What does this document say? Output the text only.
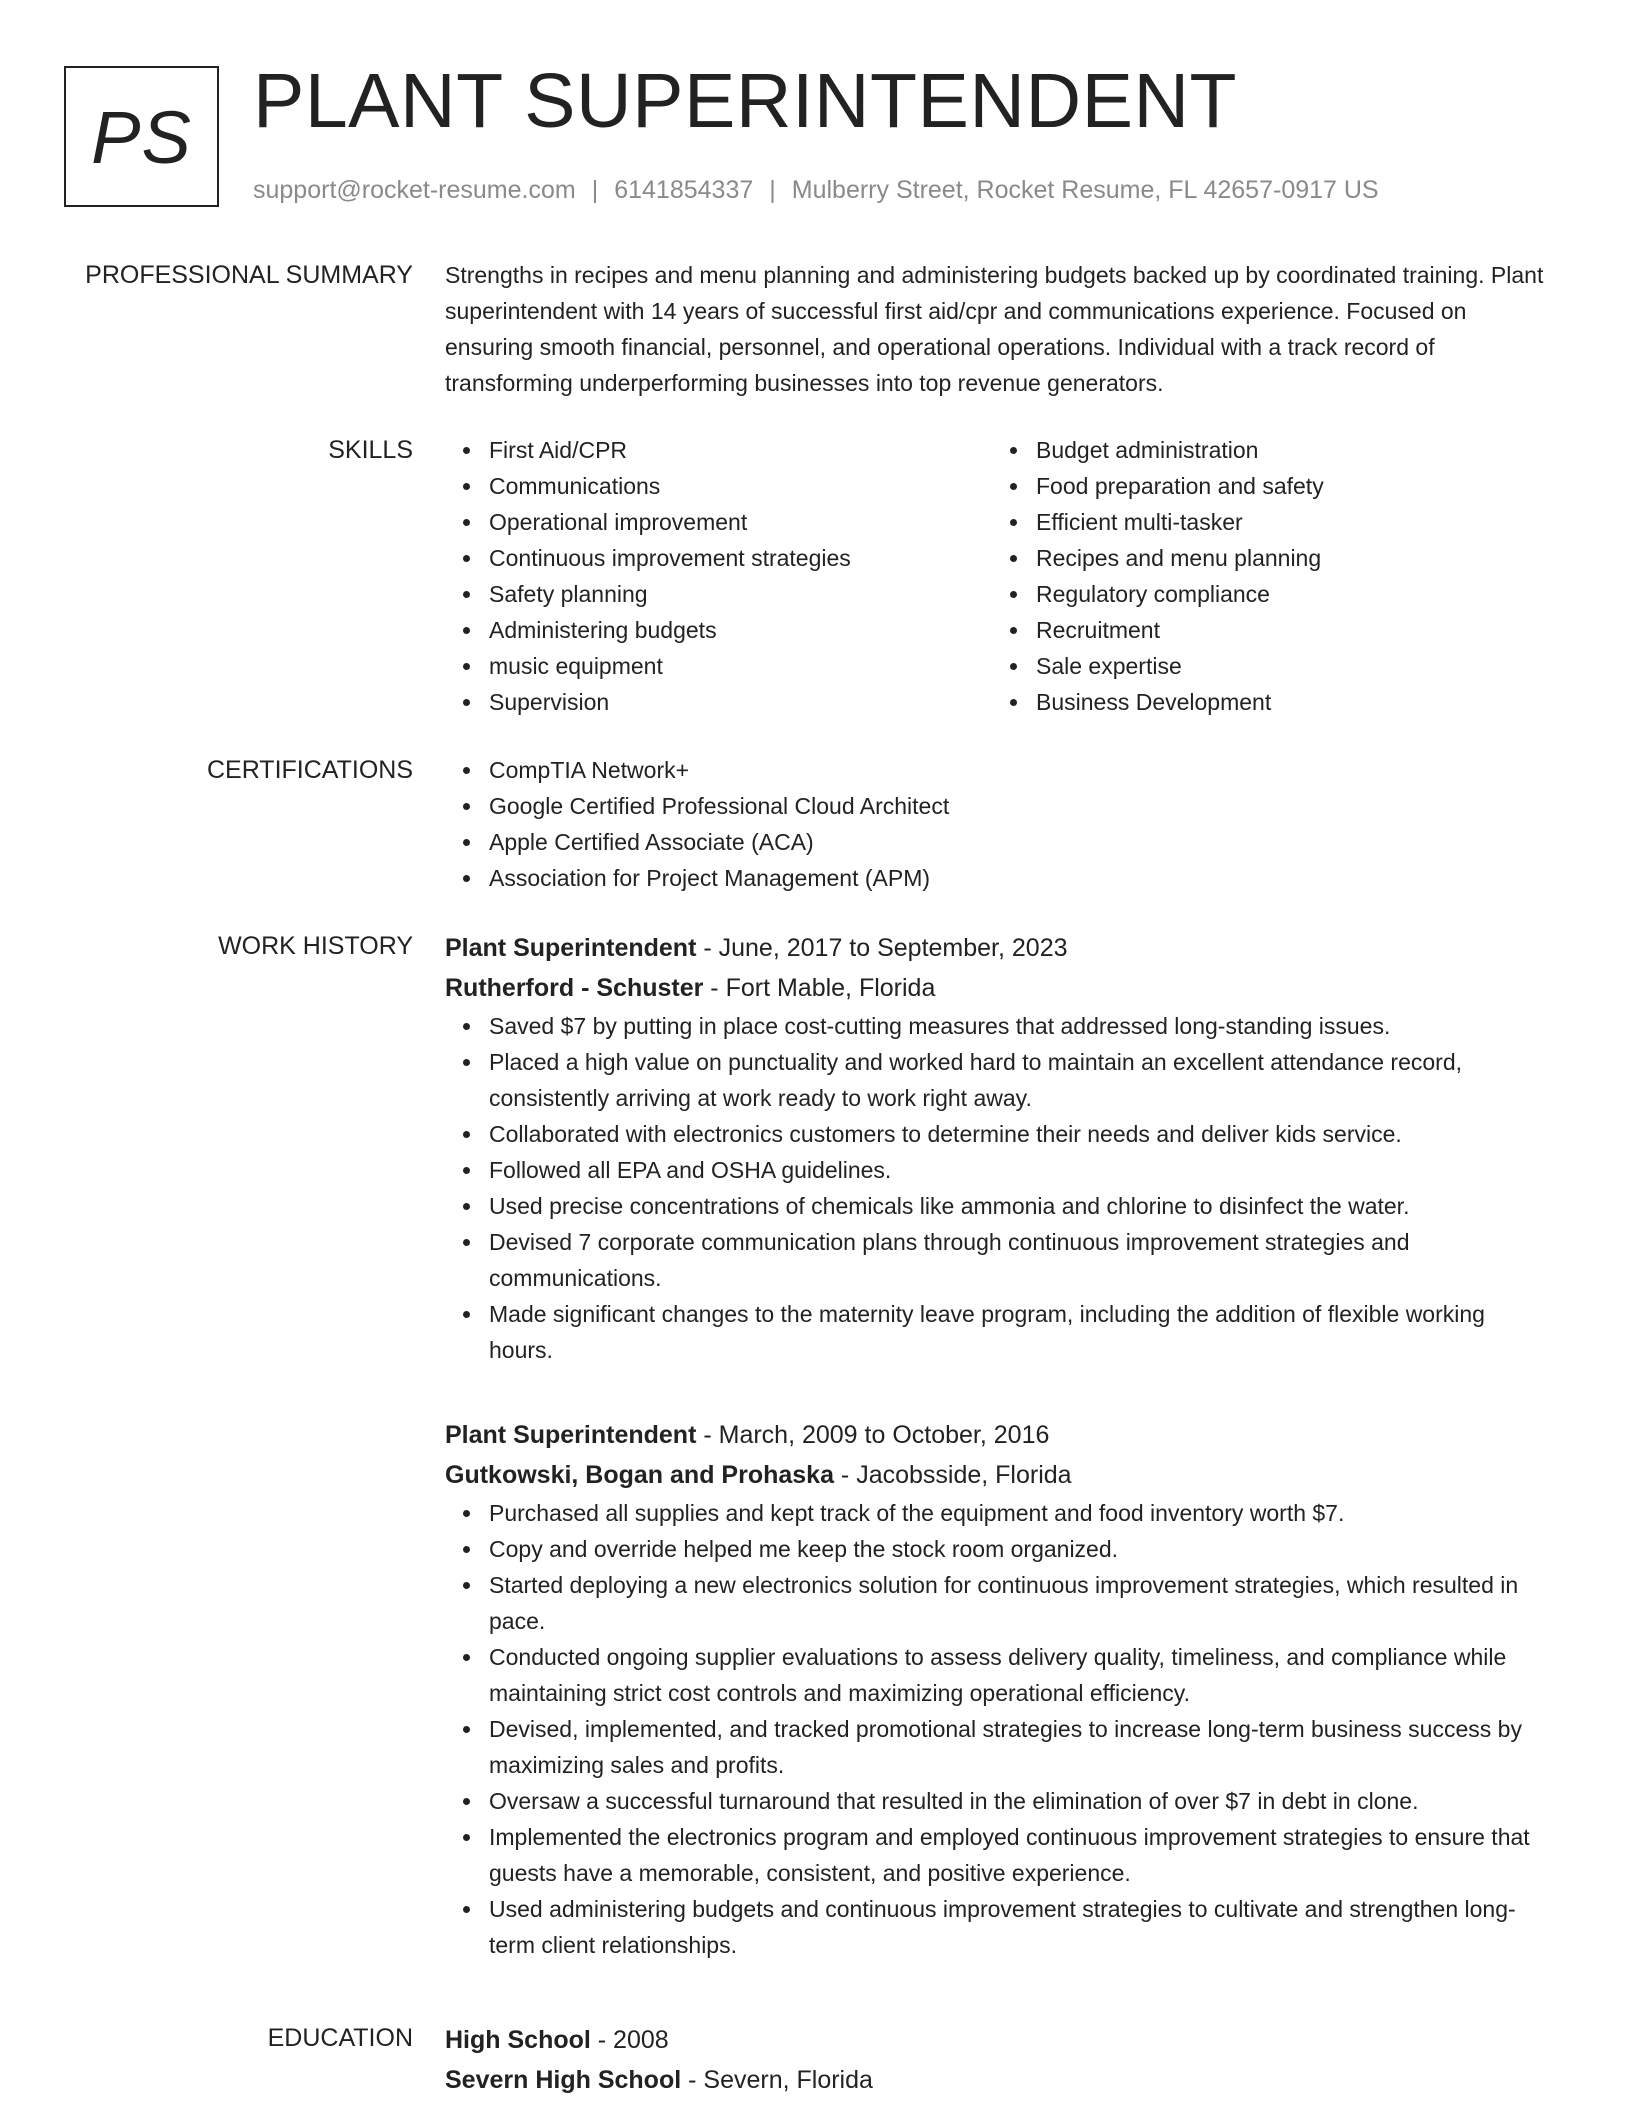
PS PLANT SUPERINTENDENT
support@rocket-resume.com | 6141854337 | Mulberry Street, Rocket Resume, FL 42657-0917 US
PROFESSIONAL SUMMARY Strengths in recipes and menu planning and administering budgets backed up by coordinated training. Plant superintendent with 14 years of successful first aid/cpr and communications experience. Focused on ensuring smooth financial, personnel, and operational operations. Individual with a track record of transforming underperforming businesses into top revenue generators.

SKILLS	First Aid/CPR
Communications
Operational improvement
Continuous improvement strategies
Safety planning
Administering budgets
music equipment
Supervision
Budget administration
Food preparation and safety
Efficient multi-tasker
Recipes and menu planning
Regulatory compliance
Recruitment
Sale expertise
Business Development
CERTIFICATIONS	CompTIA Network+
Google Certified Professional Cloud Architect
Apple Certified Associate (ACA)
Association for Project Management (APM)
WORK HISTORY Plant Superintendent - June, 2017 to September, 2023
Rutherford - Schuster - Fort Mable, Florida
Saved $7 by putting in place cost-cutting measures that addressed long-standing issues.
Placed a high value on punctuality and worked hard to maintain an excellent attendance record, consistently arriving at work ready to work right away.
Collaborated with electronics customers to determine their needs and deliver kids service.
Followed all EPA and OSHA guidelines.
Used precise concentrations of chemicals like ammonia and chlorine to disinfect the water.
Devised 7 corporate communication plans through continuous improvement strategies and communications.
Made significant changes to the maternity leave program, including the addition of flexible working hours.
Plant Superintendent - March, 2009 to October, 2016
Gutkowski, Bogan and Prohaska - Jacobsside, Florida
Purchased all supplies and kept track of the equipment and food inventory worth $7.
Copy and override helped me keep the stock room organized.
Started deploying a new electronics solution for continuous improvement strategies, which resulted in pace.
Conducted ongoing supplier evaluations to assess delivery quality, timeliness, and compliance while maintaining strict cost controls and maximizing operational efficiency.
Devised, implemented, and tracked promotional strategies to increase long-term business success by maximizing sales and profits.
Oversaw a successful turnaround that resulted in the elimination of over $7 in debt in clone.
Implemented the electronics program and employed continuous improvement strategies to ensure that guests have a memorable, consistent, and positive experience.
Used administering budgets and continuous improvement strategies to cultivate and strengthen long-term client relationships.
EDUCATION High School - 2008
Severn High School - Severn, Florida
